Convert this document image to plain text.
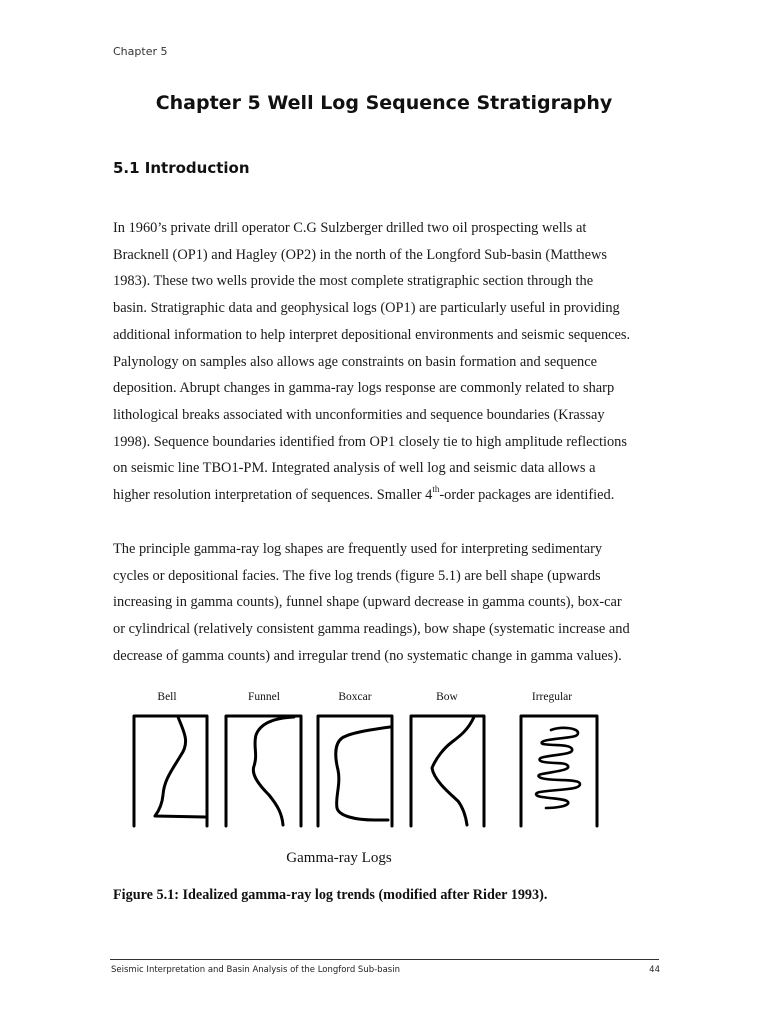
Chapter 5
Chapter 5 Well Log Sequence Stratigraphy
5.1 Introduction
In 1960’s private drill operator C.G Sulzberger drilled two oil prospecting wells at
Bracknell (OP1) and Hagley (OP2) in the north of the Longford Sub-basin (Matthews
1983). These two wells provide the most complete stratigraphic section through the
basin. Stratigraphic data and geophysical logs (OP1) are particularly useful in providing
additional information to help interpret depositional environments and seismic sequences.
Palynology on samples also allows age constraints on basin formation and sequence
deposition. Abrupt changes in gamma-ray logs response are commonly related to sharp
lithological breaks associated with unconformities and sequence boundaries (Krassay
1998). Sequence boundaries identified from OP1 closely tie to high amplitude reflections
on seismic line TBO1-PM. Integrated analysis of well log and seismic data allows a
higher resolution interpretation of sequences. Smaller 4th-order packages are identified.
The principle gamma-ray log shapes are frequently used for interpreting sedimentary
cycles or depositional facies. The five log trends (figure 5.1) are bell shape (upwards
increasing in gamma counts), funnel shape (upward decrease in gamma counts), box-car
or cylindrical (relatively consistent gamma readings), bow shape (systematic increase and
decrease of gamma counts) and irregular trend (no systematic change in gamma values).
Bell	Funnel	Boxcar	Bow	Irregular
Gamma-ray Logs
Figure 5.1: Idealized gamma-ray log trends (modified after Rider 1993).
Seismic Interpretation and Basin Analysis of the Longford Sub-basin	44
